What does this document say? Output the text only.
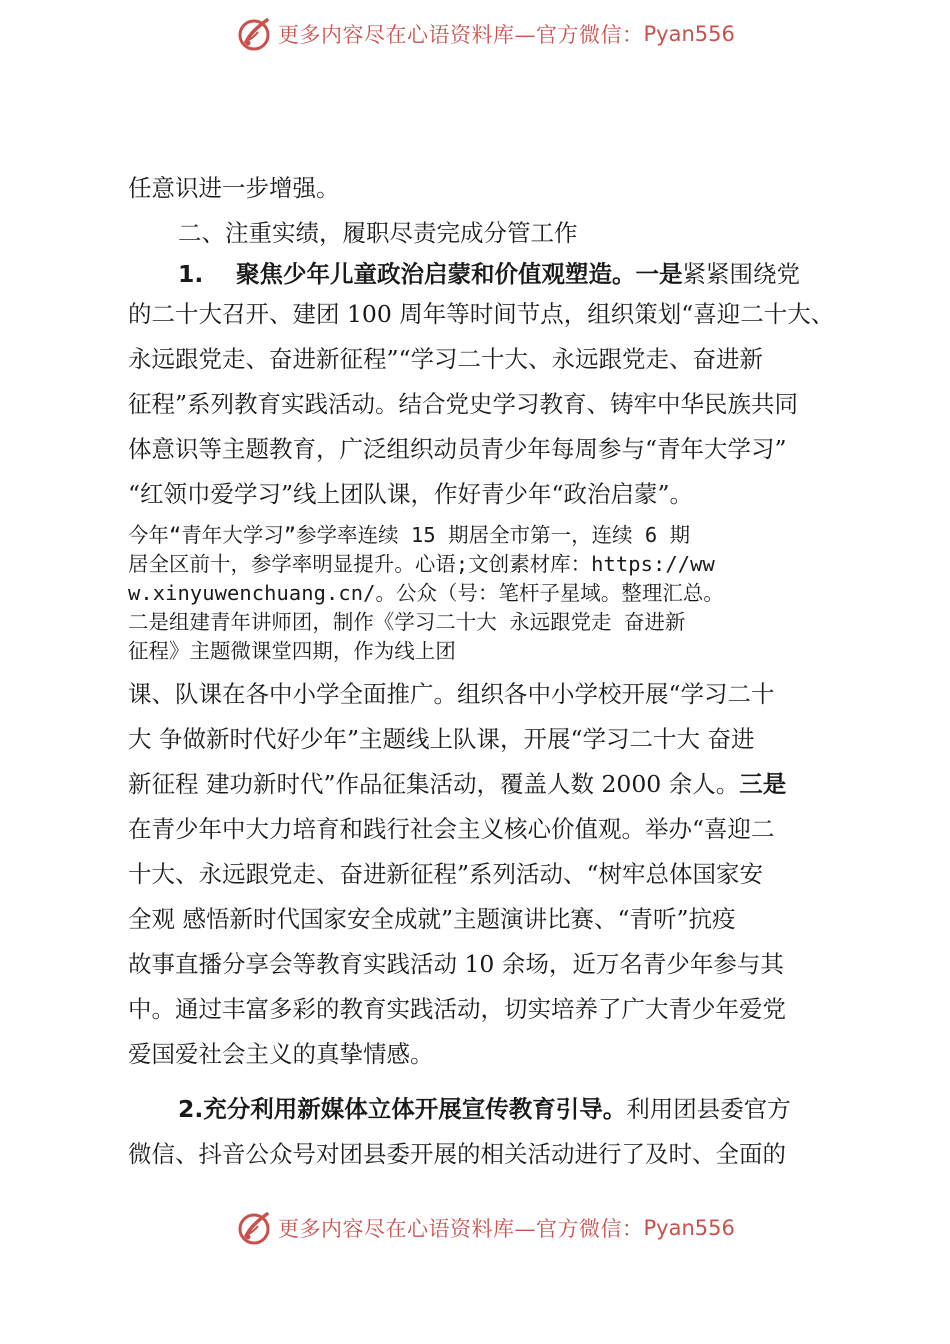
更多内容尽在心语资料库—官方微信： Pyan556

任意识进一步增强。

二、注重实绩，履职尽责完成分管工作

1.    聚焦少年儿童政治启蒙和价值观塑造。一是紧紧围绕党

的二十大召开、建团 100 周年等时间节点，组织策划“喜迎二十大、

永远跟党走、奋进新征程”“学习二十大、永远跟党走、奋进新

征程”系列教育实践活动。结合党史学习教育、铸牢中华民族共同

体意识等主题教育，广泛组织动员青少年每周参与“青年大学习”

“红领巾爱学习”线上团队课，作好青少年“政治启蒙”。

今年“青年大学习”参学率连续 15 期居全市第一，连续 6 期

居全区前十，参学率明显提升。心语;文创素材库：https://ww

w.xinyuwenchuang.cn/。公众（号：笔杆子星域。整理汇总。

二是组建青年讲师团，制作《学习二十大 永远跟党走 奋进新

征程》主题微课堂四期，作为线上团

课、队课在各中小学全面推广。组织各中小学校开展“学习二十

大 争做新时代好少年”主题线上队课，开展“学习二十大 奋进

新征程 建功新时代”作品征集活动，覆盖人数 2000 余人。三是

在青少年中大力培育和践行社会主义核心价值观。举办“喜迎二

十大、永远跟党走、奋进新征程”系列活动、“树牢总体国家安

全观 感悟新时代国家安全成就”主题演讲比赛、“青听”抗疫

故事直播分享会等教育实践活动 10 余场，近万名青少年参与其

中。通过丰富多彩的教育实践活动，切实培养了广大青少年爱党

爱国爱社会主义的真挚情感。

2.充分利用新媒体立体开展宣传教育引导。利用团县委官方

微信、抖音公众号对团县委开展的相关活动进行了及时、全面的

更多内容尽在心语资料库—官方微信： Pyan556
